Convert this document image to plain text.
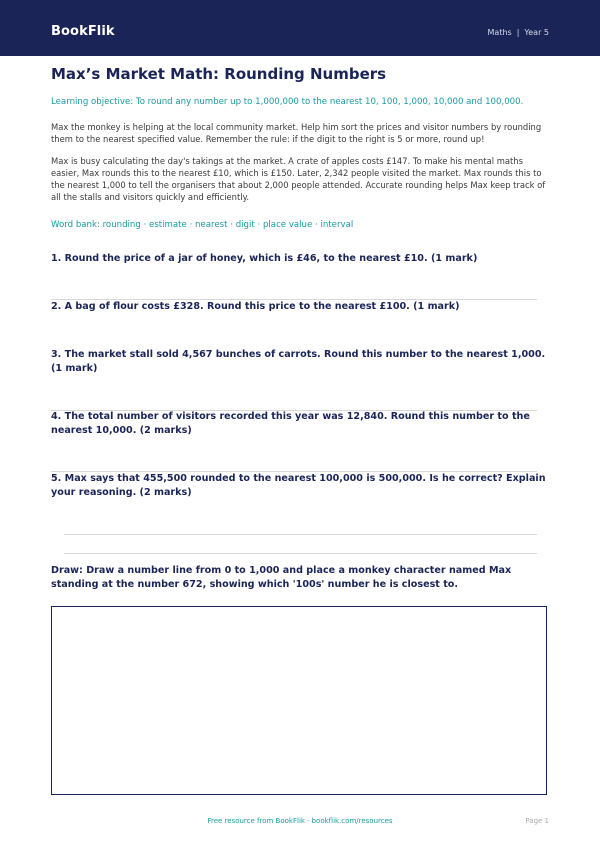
BookFlik	Maths | Year 5
Max’s Market Math: Rounding Numbers
Learning objective: To round any number up to 1,000,000 to the nearest 10, 100, 1,000, 10,000 and 100,000.
Max the monkey is helping at the local community market. Help him sort the prices and visitor numbers by rounding them to the nearest specified value. Remember the rule: if the digit to the right is 5 or more, round up!
Max is busy calculating the day's takings at the market. A crate of apples costs £147. To make his mental maths easier, Max rounds this to the nearest £10, which is £150. Later, 2,342 people visited the market. Max rounds this to the nearest 1,000 to tell the organisers that about 2,000 people attended. Accurate rounding helps Max keep track of all the stalls and visitors quickly and efficiently.
Word bank: rounding · estimate · nearest · digit · place value · interval
1. Round the price of a jar of honey, which is £46, to the nearest £10. (1 mark)
2. A bag of flour costs £328. Round this price to the nearest £100. (1 mark)
3. The market stall sold 4,567 bunches of carrots. Round this number to the nearest 1,000. (1 mark)
4. The total number of visitors recorded this year was 12,840. Round this number to the nearest 10,000. (2 marks)
5. Max says that 455,500 rounded to the nearest 100,000 is 500,000. Is he correct? Explain your reasoning. (2 marks)
Draw: Draw a number line from 0 to 1,000 and place a monkey character named Max standing at the number 672, showing which '100s' number he is closest to.
Free resource from BookFlik · bookflik.com/resources	Page 1
